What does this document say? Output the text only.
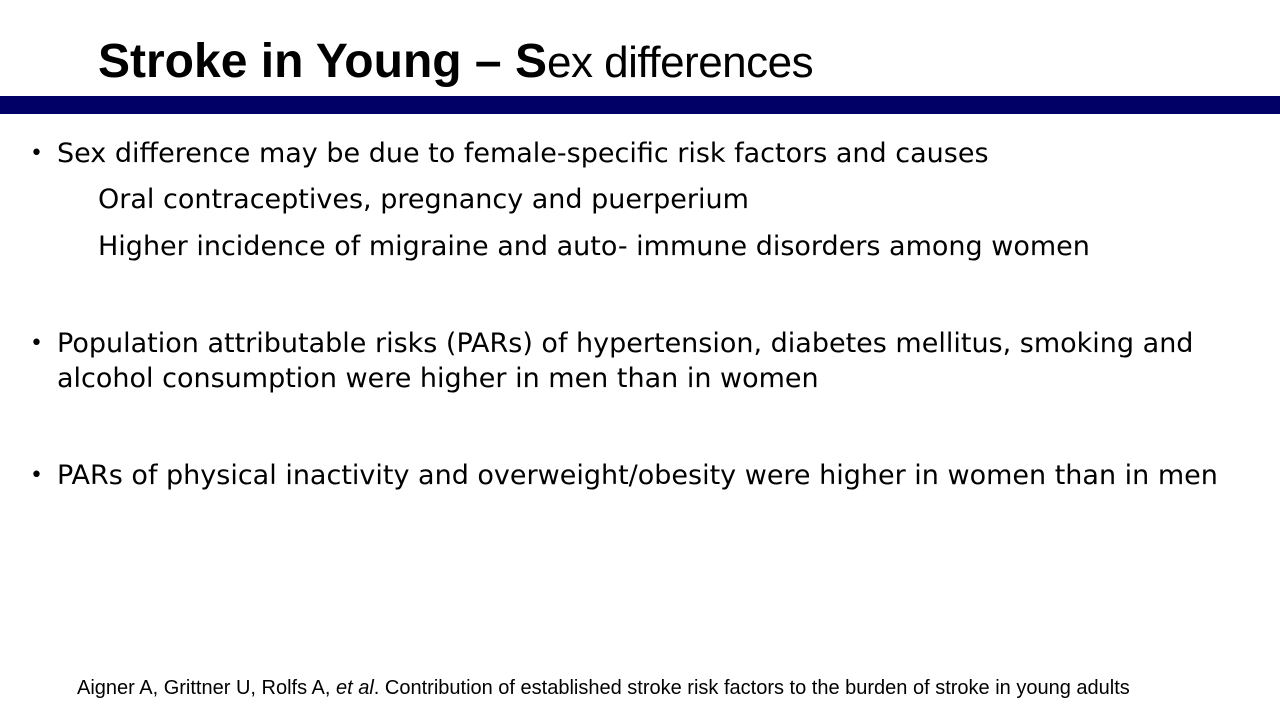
Stroke in Young – Sex differences
• Sex difference may be due to female-specific risk factors and causes
Oral contraceptives, pregnancy and puerperium
Higher incidence of migraine and auto- immune disorders among women
• Population attributable risks (PARs) of hypertension, diabetes mellitus, smoking and alcohol consumption were higher in men than in women
• PARs of physical inactivity and overweight/obesity were higher in women than in men
Aigner A, Grittner U, Rolfs A, et al. Contribution of established stroke risk factors to the burden of stroke in young adults
